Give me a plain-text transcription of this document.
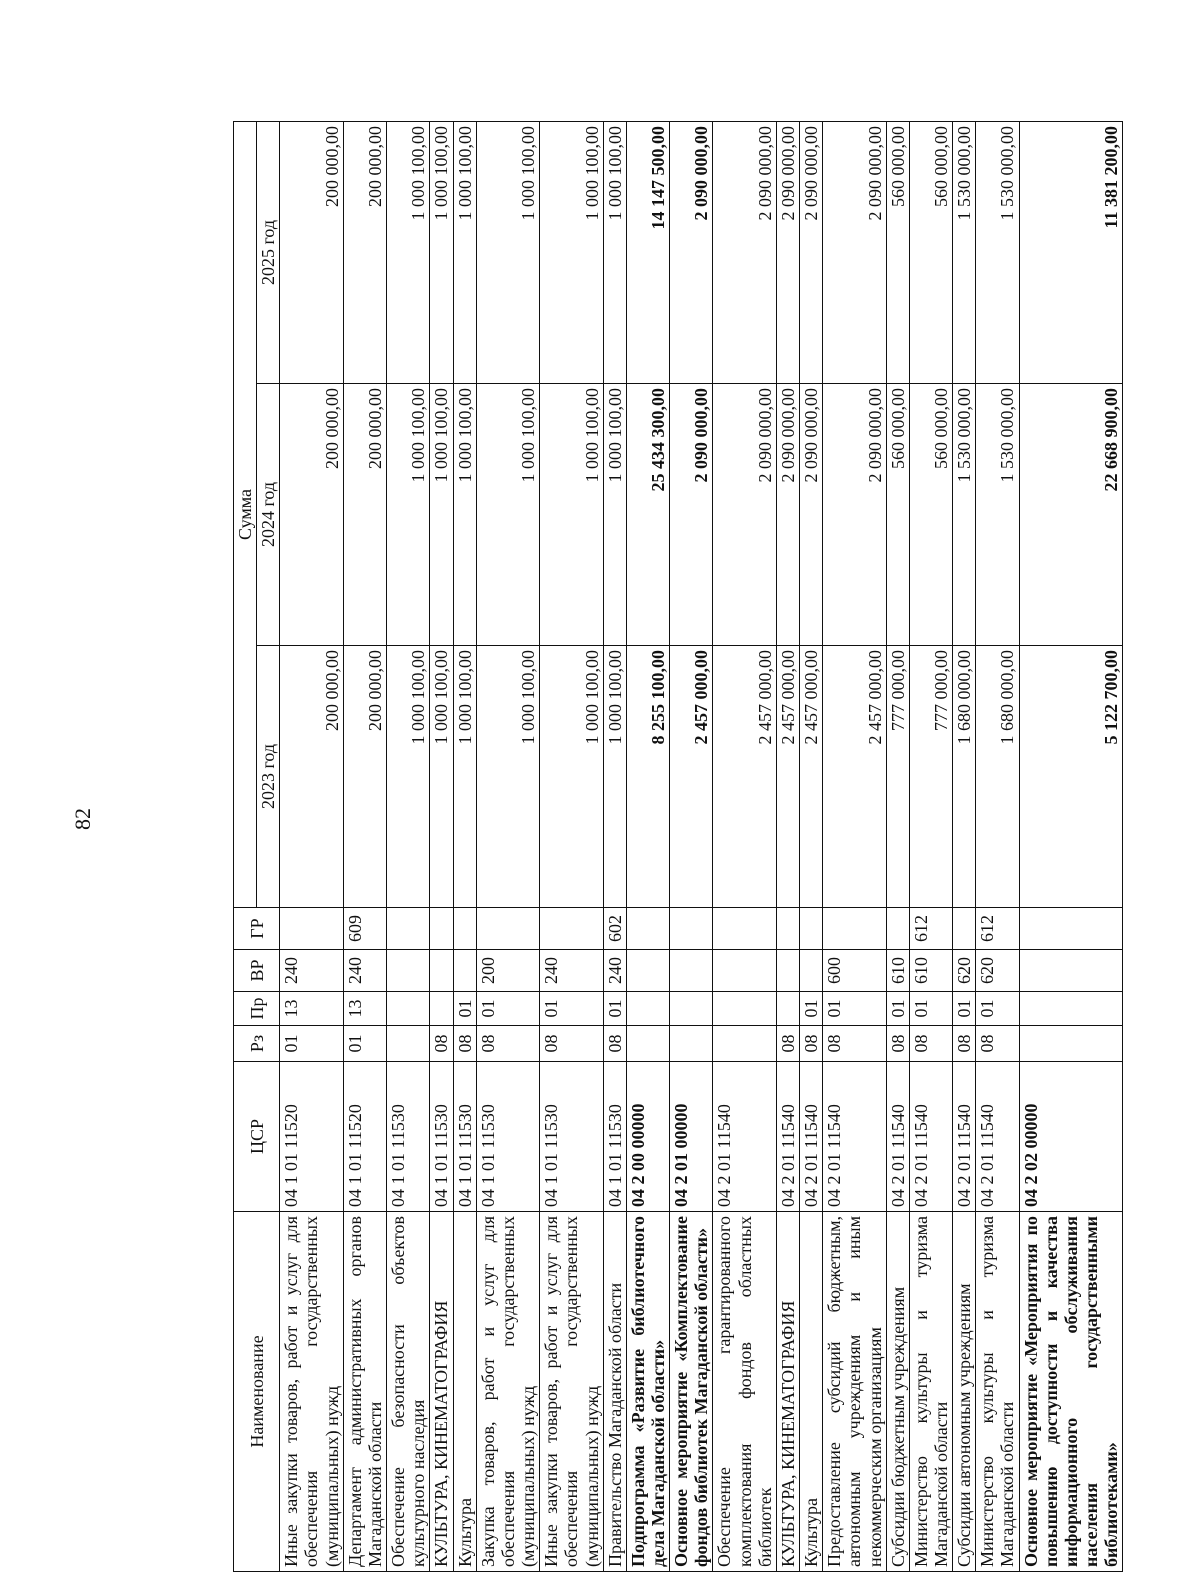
82
Наименование	ЦСР	Рз	Пр	ВР	ГР	Сумма		
						2023 год	2024 год	2025 год
Иные закупки товаров, работ и услуг для обеспечения государственных (муниципальных) нужд	04 1 01 11520	01	13	240		200 000,00	200 000,00	200 000,00
Департамент административных органов Магаданской области	04 1 01 11520	01	13	240	609	200 000,00	200 000,00	200 000,00
Обеспечение безопасности объектов культурного наследия	04 1 01 11530					1 000 100,00	1 000 100,00	1 000 100,00
КУЛЬТУРА, КИНЕМАТОГРАФИЯ	04 1 01 11530	08				1 000 100,00	1 000 100,00	1 000 100,00
Культура	04 1 01 11530	08	01			1 000 100,00	1 000 100,00	1 000 100,00
Закупка товаров, работ и услуг для обеспечения государственных (муниципальных) нужд	04 1 01 11530	08	01	200		1 000 100,00	1 000 100,00	1 000 100,00
Иные закупки товаров, работ и услуг для обеспечения государственных (муниципальных) нужд	04 1 01 11530	08	01	240		1 000 100,00	1 000 100,00	1 000 100,00
Правительство Магаданской области	04 1 01 11530	08	01	240	602	1 000 100,00	1 000 100,00	1 000 100,00
Подпрограмма «Развитие библиотечного дела Магаданской области»	04 2 00 00000					8 255 100,00	25 434 300,00	14 147 500,00
Основное мероприятие «Комплектование фондов библиотек Магаданской области»	04 2 01 00000					2 457 000,00	2 090 000,00	2 090 000,00
Обеспечение гарантированного комплектования фондов областных библиотек	04 2 01 11540					2 457 000,00	2 090 000,00	2 090 000,00
КУЛЬТУРА, КИНЕМАТОГРАФИЯ	04 2 01 11540	08				2 457 000,00	2 090 000,00	2 090 000,00
Культура	04 2 01 11540	08	01			2 457 000,00	2 090 000,00	2 090 000,00
Предоставление субсидий бюджетным, автономным учреждениям и иным некоммерческим организациям	04 2 01 11540	08	01	600		2 457 000,00	2 090 000,00	2 090 000,00
Субсидии бюджетным учреждениям	04 2 01 11540	08	01	610		777 000,00	560 000,00	560 000,00
Министерство культуры и туризма Магаданской области	04 2 01 11540	08	01	610	612	777 000,00	560 000,00	560 000,00
Субсидии автономным учреждениям	04 2 01 11540	08	01	620		1 680 000,00	1 530 000,00	1 530 000,00
Министерство культуры и туризма Магаданской области	04 2 01 11540	08	01	620	612	1 680 000,00	1 530 000,00	1 530 000,00
Основное мероприятие «Мероприятия по повышению доступности и качества информационного обслуживания населения государственными библиотеками»	04 2 02 00000					5 122 700,00	22 668 900,00	11 381 200,00
